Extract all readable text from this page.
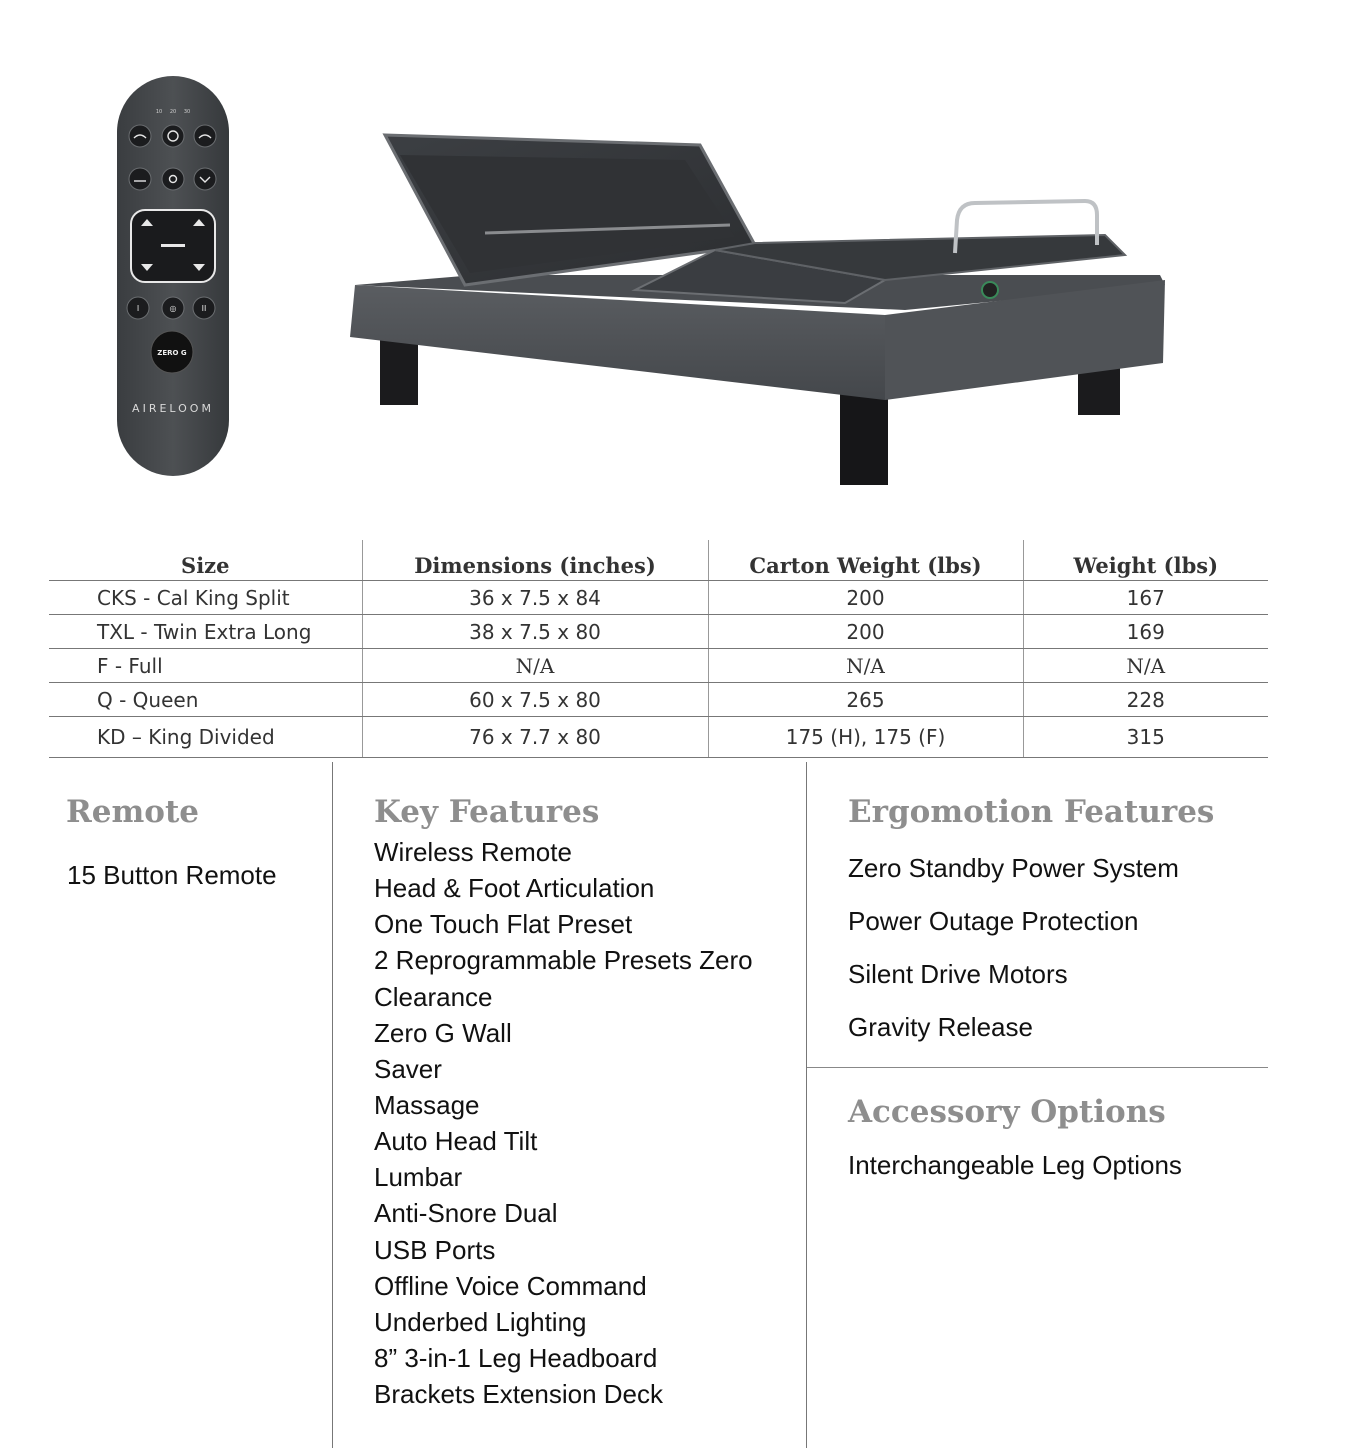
10 20 30
I	◎	II
ZERO G
AIRELOOM
Size	Dimensions (inches)	Carton Weight (lbs)	Weight (lbs)
CKS - Cal King Split	36 x 7.5 x 84	200	167
TXL - Twin Extra Long	38 x 7.5 x 80	200	169
F - Full	N/A	N/A	N/A
Q - Queen	60 x 7.5 x 80	265	228
KD – King Divided	76 x 7.7 x 80	175 (H), 175 (F)	315
Remote
15 Button Remote
Key Features
Wireless Remote
Head & Foot Articulation
One Touch Flat Preset
2 Reprogrammable Presets Zero
Clearance
Zero G Wall
Saver
Massage
Auto Head Tilt
Lumbar
Anti-Snore Dual
USB Ports
Offline Voice Command
Underbed Lighting
8” 3-in-1 Leg Headboard
Brackets Extension Deck
Ergomotion Features
Zero Standby Power System
Power Outage Protection
Silent Drive Motors
Gravity Release
Accessory Options
Interchangeable Leg Options
